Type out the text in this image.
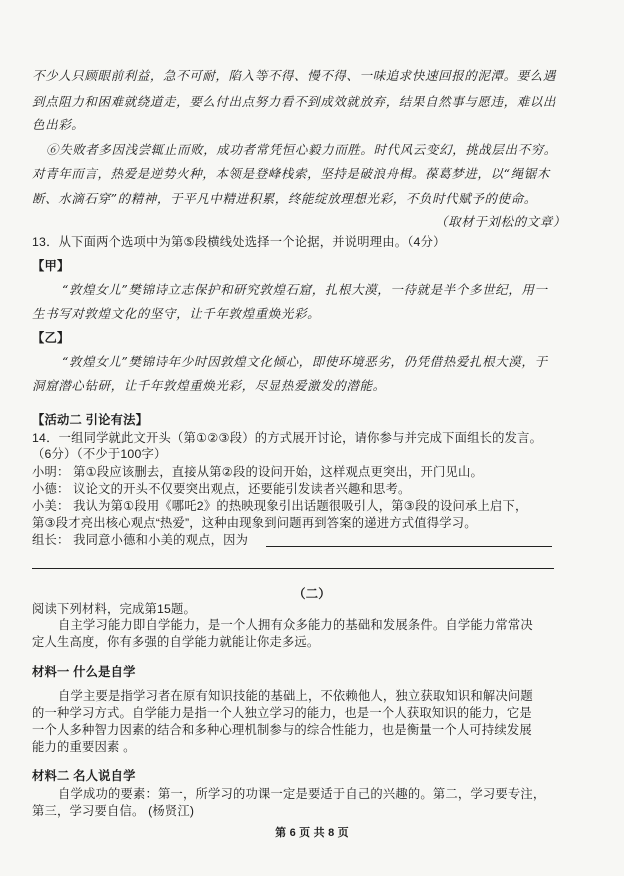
不少人只顾眼前利益，急不可耐，陷入等不得、慢不得、一味追求快速回报的泥潭。要么遇
到点阻力和困难就绕道走，要么付出点努力看不到成效就放弃，结果自然事与愿违，难以出
色出彩。
⑥失败者多因浅尝辄止而败，成功者常凭恒心毅力而胜。时代风云变幻，挑战层出不穷。
对青年而言，热爱是逆势火种，本领是登峰栈索，坚持是破浪舟楫。葆葛梦进，以“绳锯木
断、水滴石穿”的精神，于平凡中精进积累，终能绽放理想光彩，不负时代赋予的使命。
（取材于刘松的文章）
13．从下面两个选项中为第⑤段横线处选择一个论据，并说明理由。（4分）
【甲】
“敦煌女儿”樊锦诗立志保护和研究敦煌石窟，扎根大漠，一待就是半个多世纪，用一
生书写对敦煌文化的坚守，让千年敦煌重焕光彩。
【乙】
“敦煌女儿”樊锦诗年少时因敦煌文化倾心，即使环境恶劣，仍凭借热爱扎根大漠，于
洞窟潜心钻研，让千年敦煌重焕光彩，尽显热爱激发的潜能。
【活动二 引论有法】
14．一组同学就此文开头（第①②③段）的方式展开讨论，请你参与并完成下面组长的发言。
（6分）（不少于100字）
小明： 第①段应该删去，直接从第②段的设问开始，这样观点更突出，开门见山。
小德： 议论文的开头不仅要突出观点，还要能引发读者兴趣和思考。
小美： 我认为第①段用《哪吒2》的热映现象引出话题很吸引人，第③段的设问承上启下，
第③段才亮出核心观点“热爱”，这种由现象到问题再到答案的递进方式值得学习。
组长： 我同意小德和小美的观点，因为
（二）
阅读下列材料，完成第15题。
自主学习能力即自学能力，是一个人拥有众多能力的基础和发展条件。自学能力常常决
定人生高度，你有多强的自学能力就能让你走多远。
材料一 什么是自学
自学主要是指学习者在原有知识技能的基础上，不依赖他人，独立获取知识和解决问题
的一种学习方式。自学能力是指一个人独立学习的能力，也是一个人获取知识的能力，它是
一个人多种智力因素的结合和多种心理机制参与的综合性能力，也是衡量一个人可持续发展
能力的重要因素 。
材料二 名人说自学
自学成功的要素：第一，所学习的功课一定是要适于自己的兴趣的。第二，学习要专注，
第三，学习要自信。 (杨贤江)
第 6 页 共 8 页
